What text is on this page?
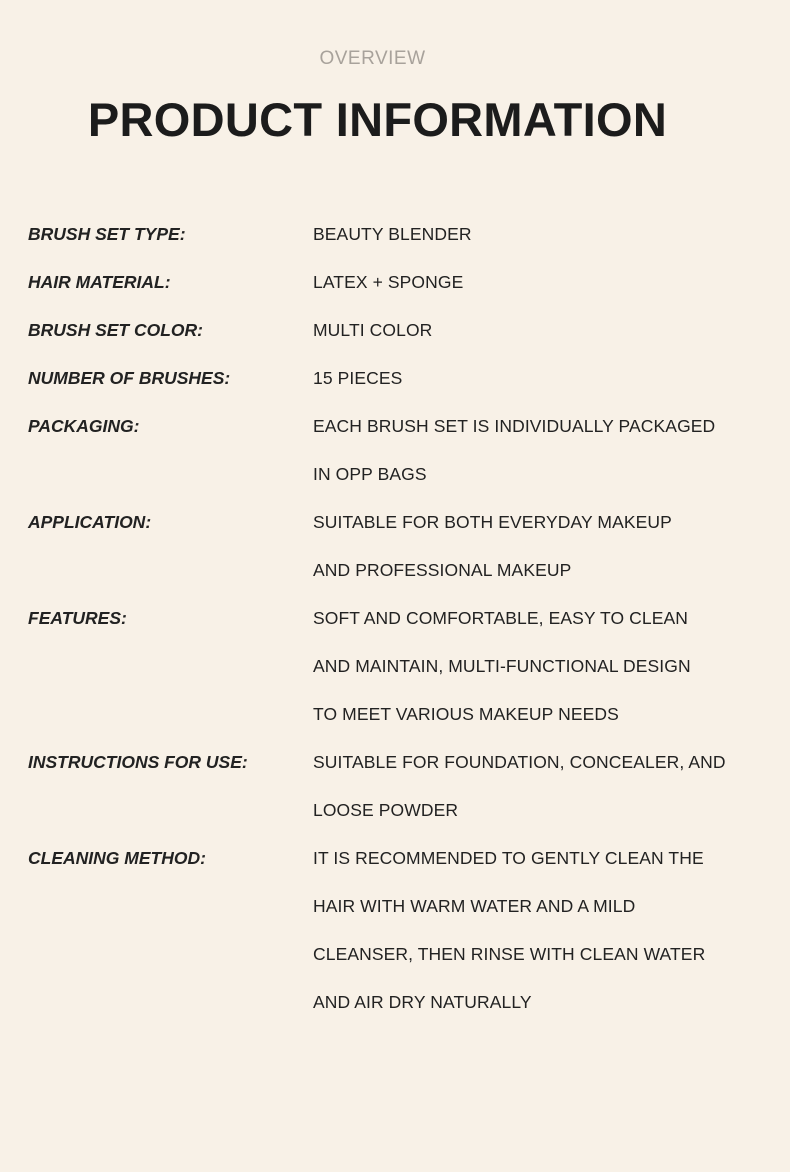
OVERVIEW
PRODUCT INFORMATION
BRUSH SET TYPE:	BEAUTY BLENDER
HAIR MATERIAL:	LATEX + SPONGE
BRUSH SET COLOR:	MULTI COLOR
NUMBER OF BRUSHES:	15 PIECES
PACKAGING:	EACH BRUSH SET IS INDIVIDUALLY PACKAGED
IN OPP BAGS
APPLICATION:	SUITABLE FOR BOTH EVERYDAY MAKEUP
AND PROFESSIONAL MAKEUP
FEATURES:	SOFT AND COMFORTABLE, EASY TO CLEAN
AND MAINTAIN, MULTI-FUNCTIONAL DESIGN
TO MEET VARIOUS MAKEUP NEEDS
INSTRUCTIONS FOR USE:	SUITABLE FOR FOUNDATION, CONCEALER, AND
LOOSE POWDER
CLEANING METHOD:	IT IS RECOMMENDED TO GENTLY CLEAN THE
HAIR WITH WARM WATER AND A MILD
CLEANSER, THEN RINSE WITH CLEAN WATER
AND AIR DRY NATURALLY
